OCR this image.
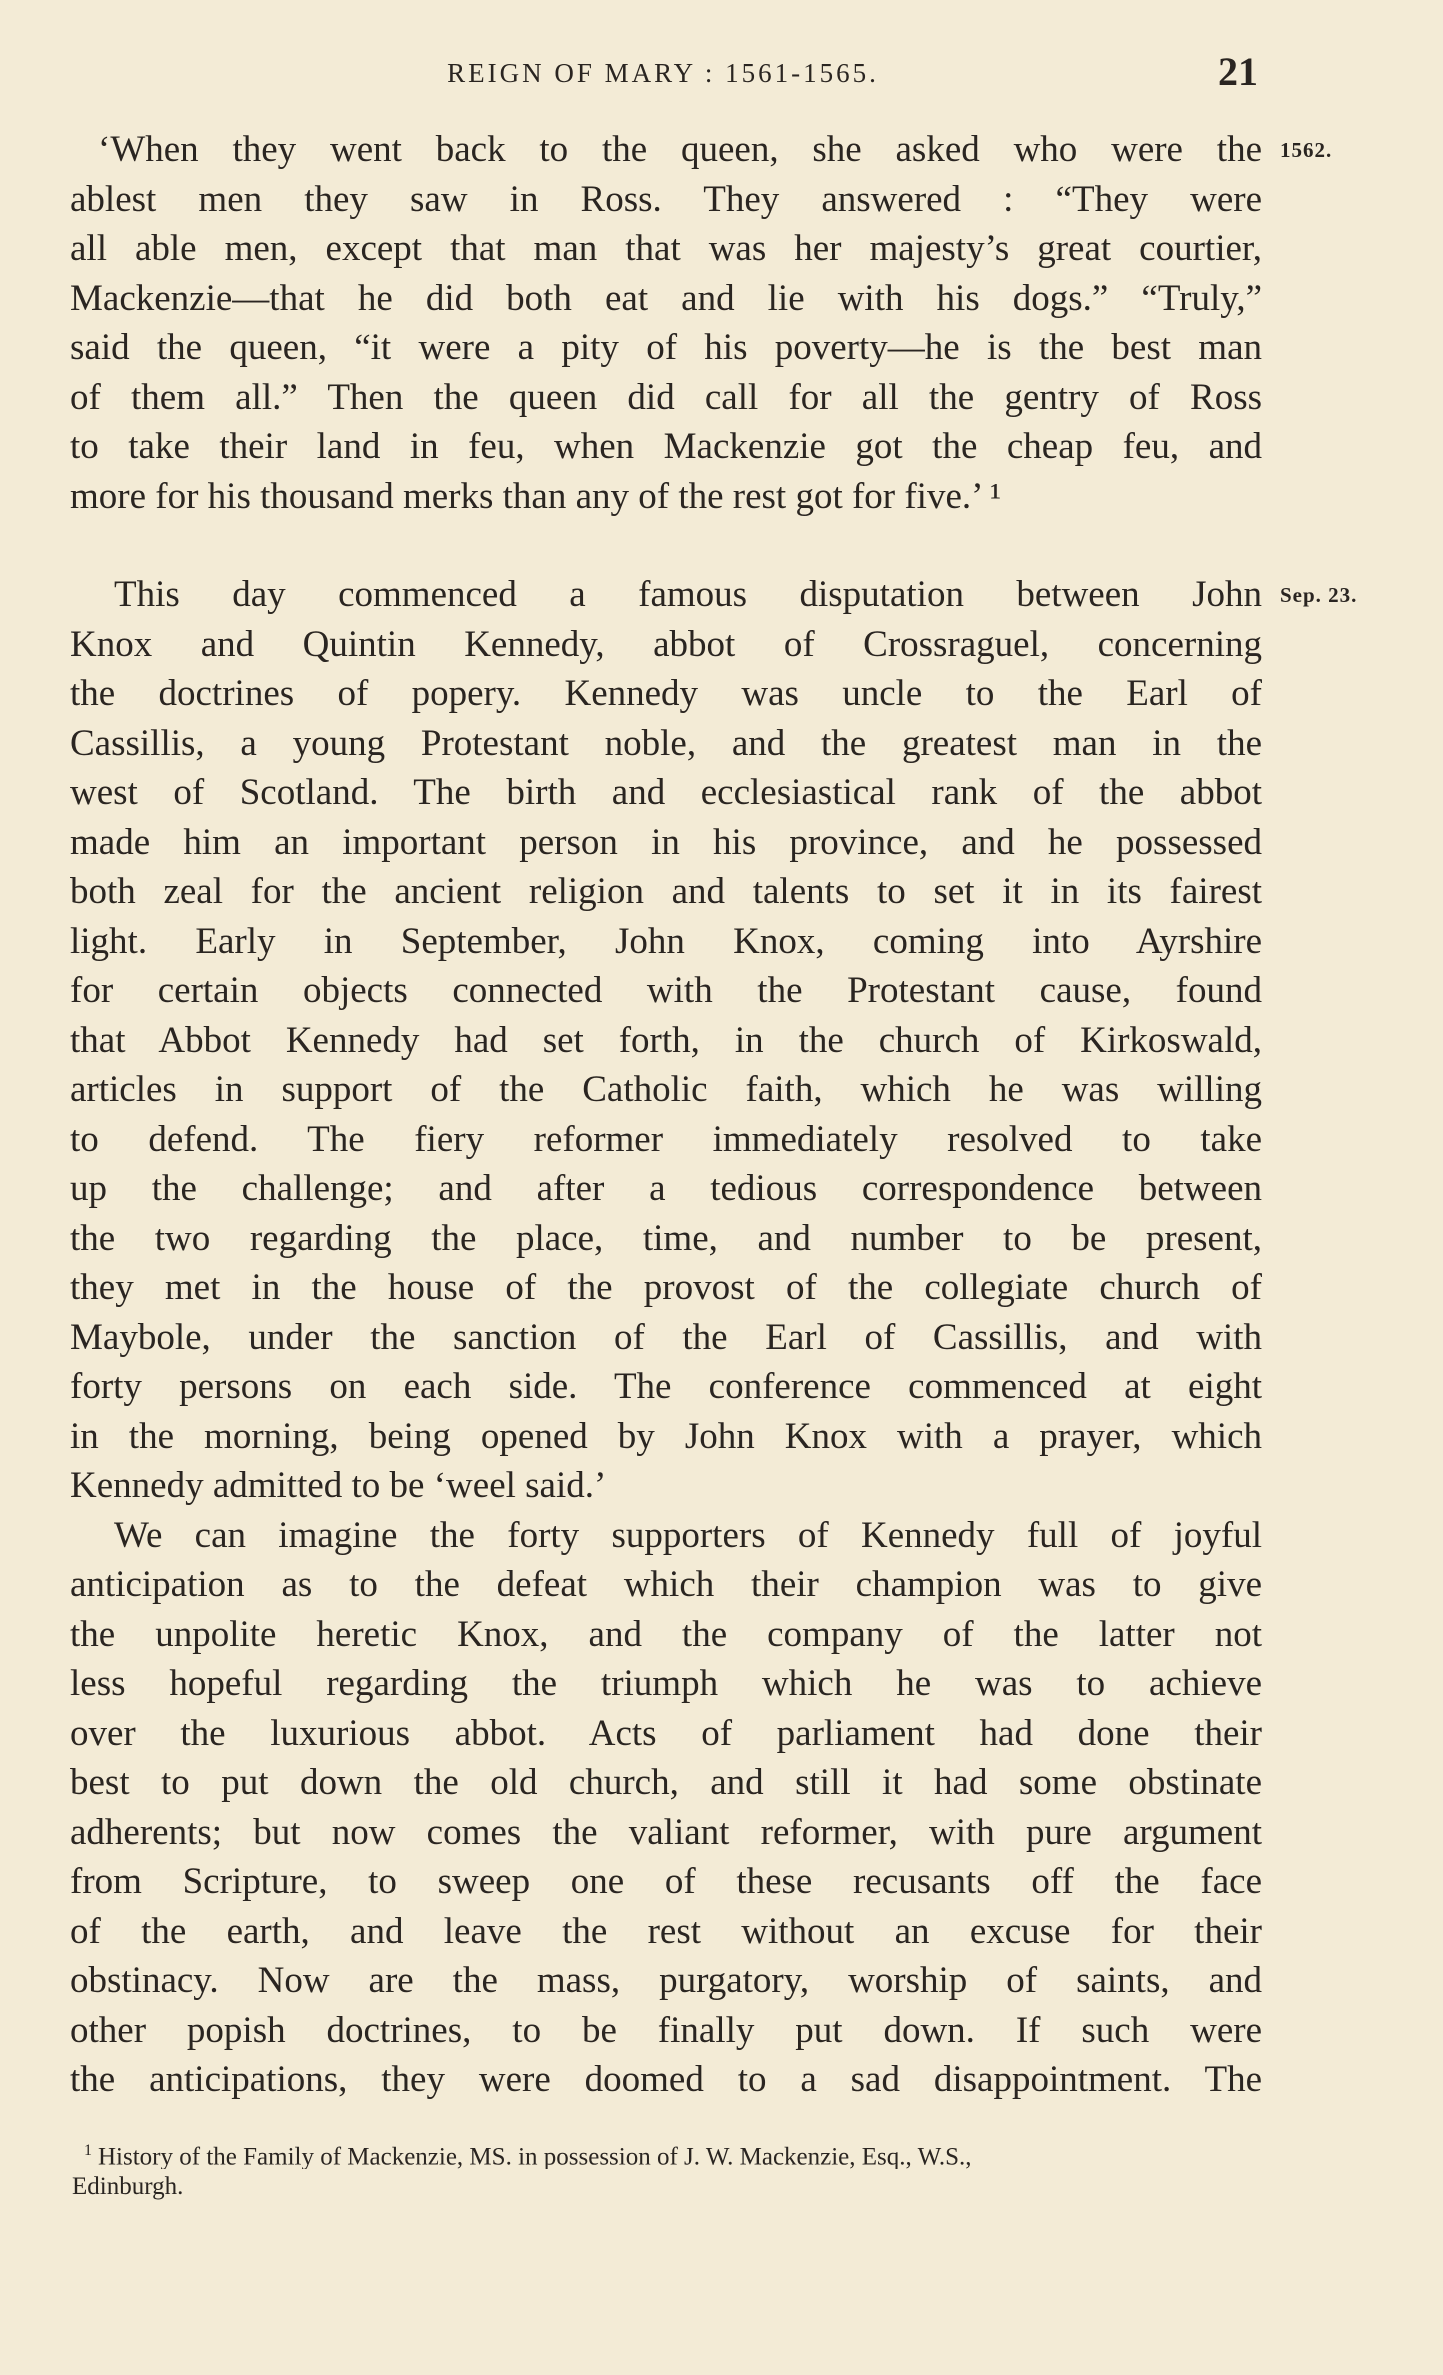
REIGN OF MARY : 1561-1565.	21
1562.
Sep. 23.
‘When they went back to the queen, she asked who were the
ablest men they saw in Ross. They answered : “They were
all able men, except that man that was her majesty’s great courtier,
Mackenzie—that he did both eat and lie with his dogs.” “Truly,”
said the queen, “it were a pity of his poverty—he is the best man
of them all.” Then the queen did call for all the gentry of Ross
to take their land in feu, when Mackenzie got the cheap feu, and
more for his thousand merks than any of the rest got for five.’ ¹
This day commenced a famous disputation between John
Knox and Quintin Kennedy, abbot of Crossraguel, concerning
the doctrines of popery. Kennedy was uncle to the Earl of
Cassillis, a young Protestant noble, and the greatest man in the
west of Scotland. The birth and ecclesiastical rank of the abbot
made him an important person in his province, and he possessed
both zeal for the ancient religion and talents to set it in its fairest
light. Early in September, John Knox, coming into Ayrshire
for certain objects connected with the Protestant cause, found
that Abbot Kennedy had set forth, in the church of Kirkoswald,
articles in support of the Catholic faith, which he was willing
to defend. The fiery reformer immediately resolved to take
up the challenge; and after a tedious correspondence between
the two regarding the place, time, and number to be present,
they met in the house of the provost of the collegiate church of
Maybole, under the sanction of the Earl of Cassillis, and with
forty persons on each side. The conference commenced at eight
in the morning, being opened by John Knox with a prayer, which
Kennedy admitted to be ‘weel said.’
We can imagine the forty supporters of Kennedy full of joyful
anticipation as to the defeat which their champion was to give
the unpolite heretic Knox, and the company of the latter not
less hopeful regarding the triumph which he was to achieve
over the luxurious abbot. Acts of parliament had done their
best to put down the old church, and still it had some obstinate
adherents; but now comes the valiant reformer, with pure argument
from Scripture, to sweep one of these recusants off the face
of the earth, and leave the rest without an excuse for their
obstinacy. Now are the mass, purgatory, worship of saints, and
other popish doctrines, to be finally put down. If such were
the anticipations, they were doomed to a sad disappointment. The
$^1$ History of the Family of Mackenzie, MS. in possession of J. W. Mackenzie, Esq., W.S.,
Edinburgh.
